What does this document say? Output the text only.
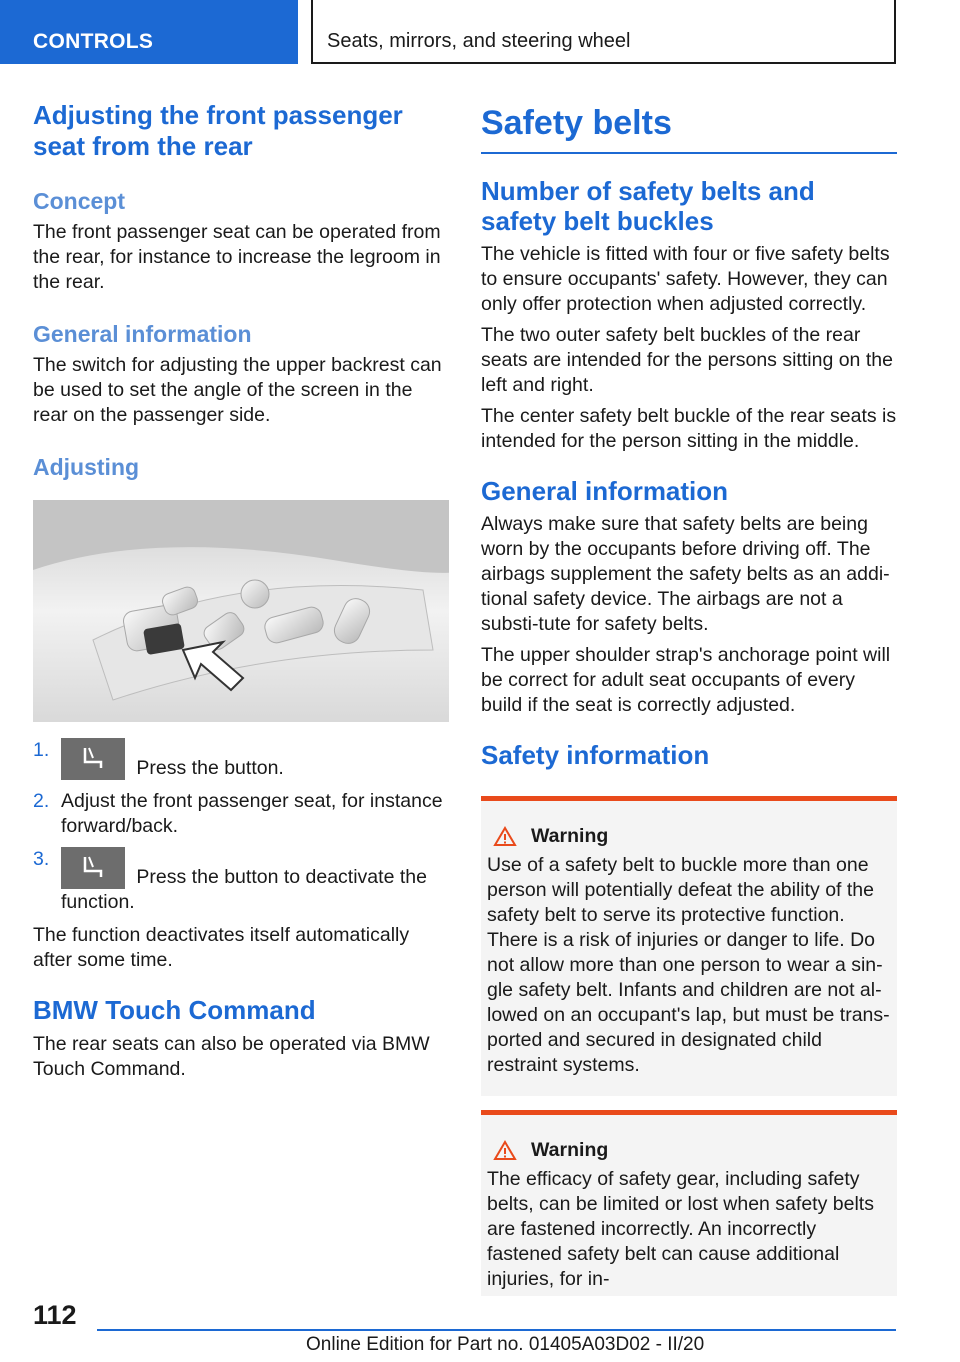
CONTROLS	Seats, mirrors, and steering wheel
Adjusting the front passenger seat from the rear
Concept

The front passenger seat can be operated from the rear, for instance to increase the legroom in the rear.

General information

The switch for adjusting the upper backrest can be used to set the angle of the screen in the rear on the passenger side.

Adjusting
1.
Press the button.
2. Adjust the front passenger seat, for instance forward/back.
3.
Press the button to deactivate the function.

The function deactivates itself automatically after some time.

BMW Touch Command

The rear seats can also be operated via BMW Touch Command.

Safety belts
Number of safety belts and safety belt buckles

The vehicle is fitted with four or five safety belts to ensure occupants' safety. However, they can only offer protection when adjusted correctly.

The two outer safety belt buckles of the rear seats are intended for the persons sitting on the left and right.

The center safety belt buckle of the rear seats is intended for the person sitting in the middle.

General information

Always make sure that safety belts are being worn by the occupants before driving off. The airbags supplement the safety belts as an addi-tional safety device. The airbags are not a substi-tute for safety belts.

The upper shoulder strap's anchorage point will be correct for adult seat occupants of every build if the seat is correctly adjusted.

Safety information
Warning

Use of a safety belt to buckle more than one person will potentially defeat the ability of the safety belt to serve its protective function. There is a risk of injuries or danger to life. Do not allow more than one person to wear a sin-gle safety belt. Infants and children are not al-lowed on an occupant's lap, but must be trans-ported and secured in designated child restraint systems.

Warning

The efficacy of safety gear, including safety belts, can be limited or lost when safety belts are fastened incorrectly. An incorrectly fastened safety belt can cause additional injuries, for in-

112
Online Edition for Part no. 01405A03D02 - II/20
